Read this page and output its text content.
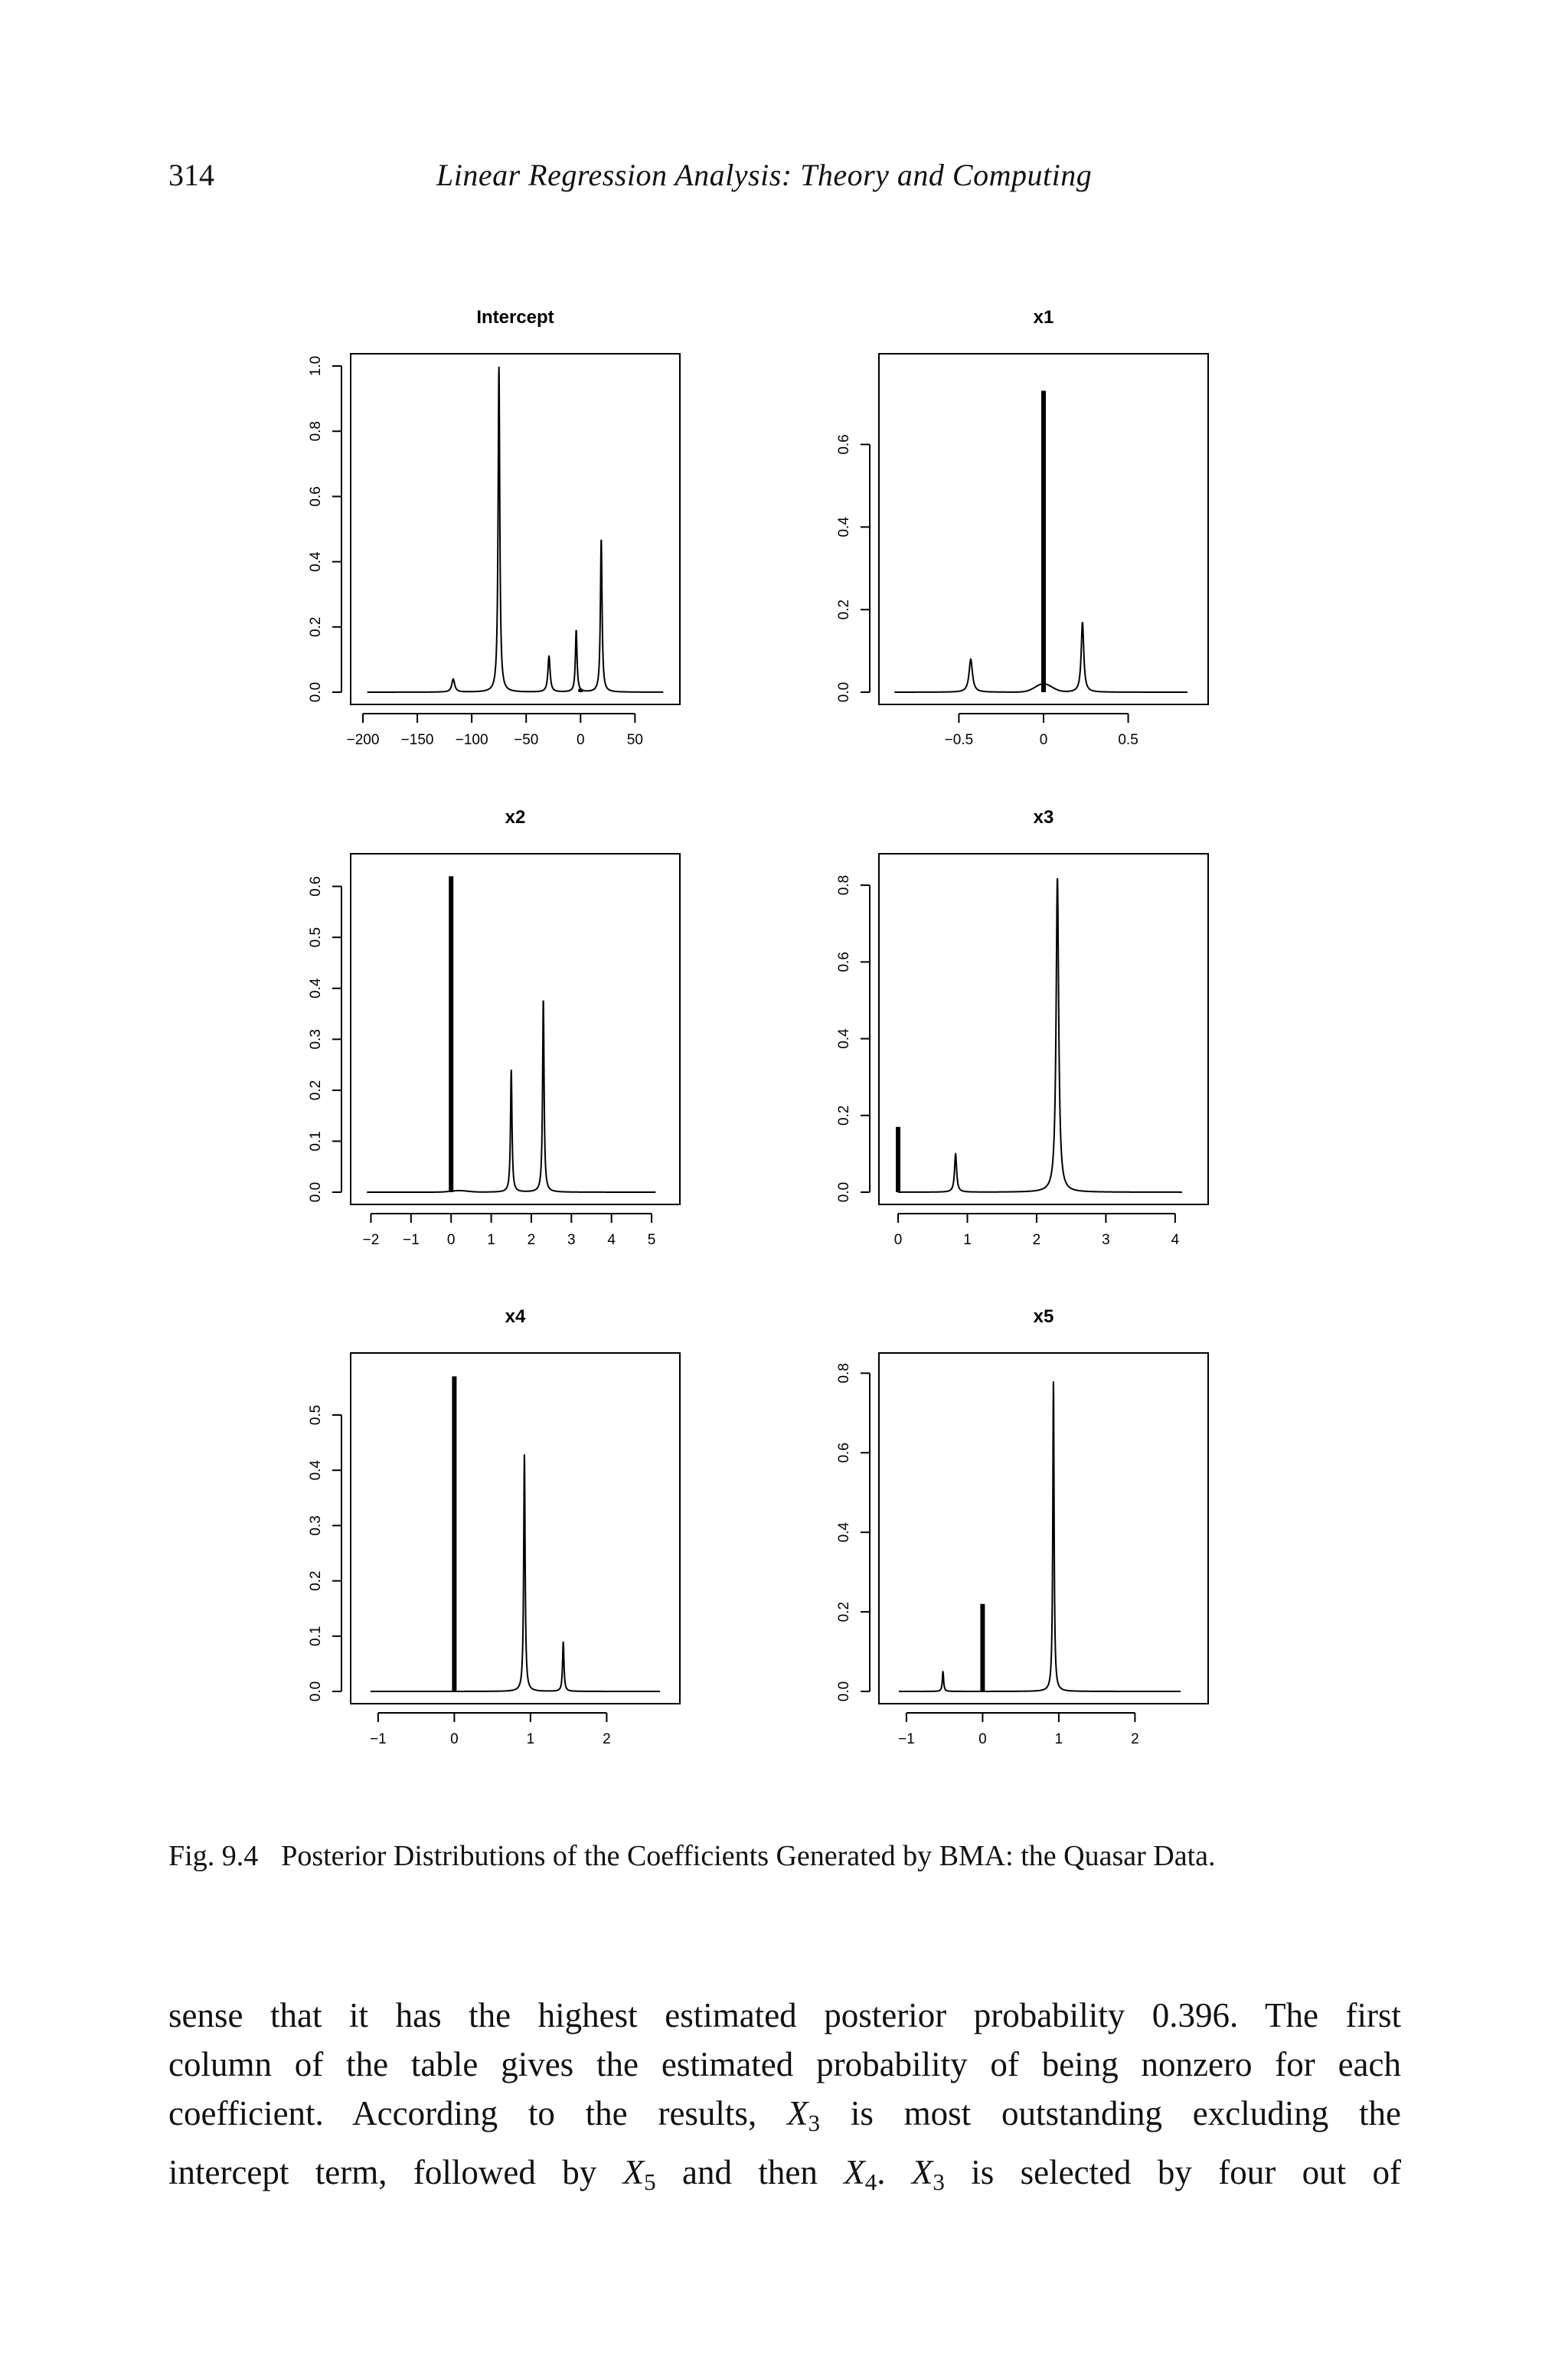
314	Linear Regression Analysis: Theory and Computing
Intercept
−200 −150 −100 −50	0	50
0.0
0.2
0.4
0.6
0.8
1.0
x1
−0.5	0	0.5
0.0
0.2
0.4
0.6
x2
−2 −1 0 1 2 3 4 5
0.0
0.1
0.2
0.3
0.4
0.5
0.6
x3
0	1	2	3	4
0.0
0.2
0.4
0.6
0.8
x4
−1	0	1	2
0.0
0.1
0.2
0.3
0.4
0.5
x5
−1	0	1	2
0.0
0.2
0.4
0.6
0.8
Fig. 9.4 Posterior Distributions of the Coefficients Generated by BMA: the Quasar Data.

sense that it has the highest estimated posterior probability 0.396. The first

column of the table gives the estimated probability of being nonzero for each

coefficient. According to the results, $X_3$ is most outstanding excluding the

intercept term, followed by $X_5$ and then $X_4$. $X_3$ is selected by four out of
